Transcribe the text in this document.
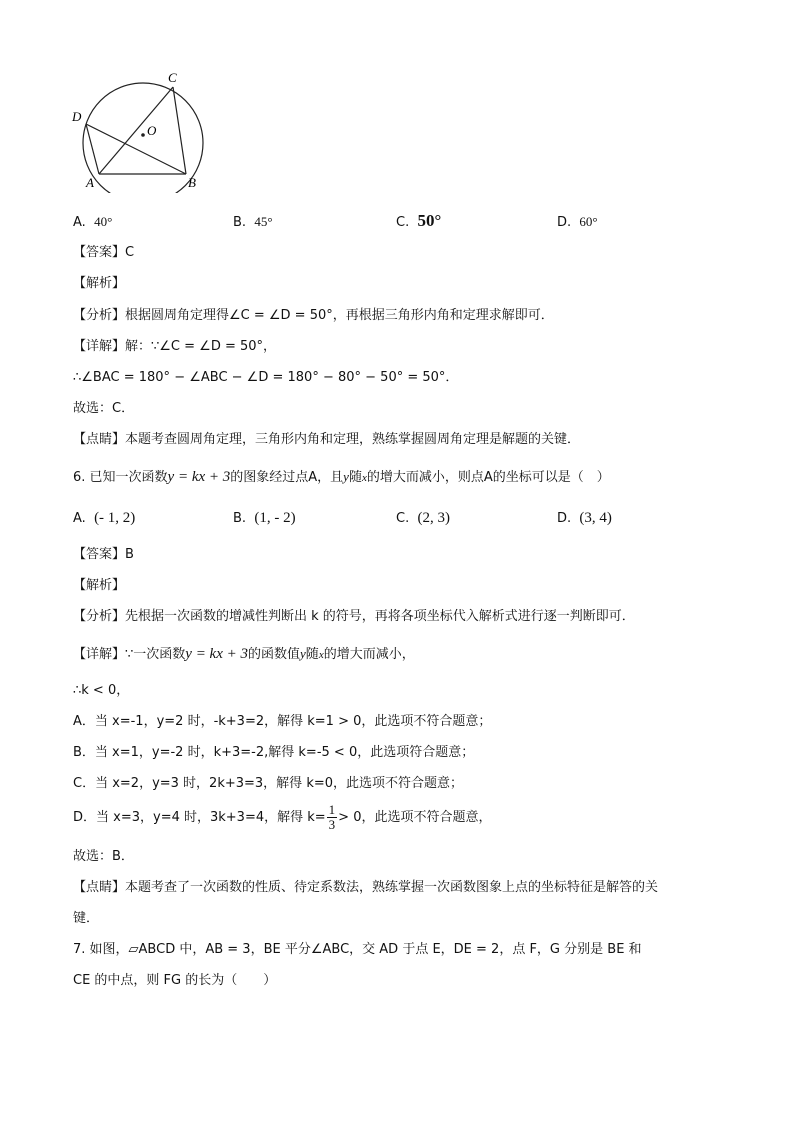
C
D
O
A	B
A. 40°	B. 45°	C. 50°	D. 60°
【答案】C
【解析】
【分析】根据圆周角定理得∠C = ∠D = 50°，再根据三角形内角和定理求解即可．
【详解】解：∵∠C = ∠D = 50°，
∴∠BAC = 180° − ∠ABC − ∠D = 180° − 80° − 50° = 50°．
故选：C．
【点睛】本题考查圆周角定理，三角形内角和定理，熟练掌握圆周角定理是解题的关键．
6. 已知一次函数y = kx + 3的图象经过点A，且y随x的增大而减小，则点A的坐标可以是（　）
A. (- 1, 2)	B. (1, - 2)	C. (2, 3)	D. (3, 4)
【答案】B
【解析】
【分析】先根据一次函数的增减性判断出 k 的符号，再将各项坐标代入解析式进行逐一判断即可．
【详解】∵一次函数y = kx + 3的函数值y随x的增大而减小，
∴k < 0，
A．当 x=-1，y=2 时，-k+3=2，解得 k=1 > 0，此选项不符合题意；
B．当 x=1，y=-2 时，k+3=-2,解得 k=-5 < 0，此选项符合题意；
C．当 x=2，y=3 时，2k+3=3，解得 k=0，此选项不符合题意；
D．当 x=3，y=4 时，3k+3=4，解得 $k= \frac{1}{3} > 0$，此选项不符合题意，
故选：B．
【点睛】本题考查了一次函数的性质、待定系数法，熟练掌握一次函数图象上点的坐标特征是解答的关
键．
7. 如图，▱ABCD 中，AB = 3，BE 平分∠ABC，交 AD 于点 E，DE = 2，点 F，G 分别是 BE 和
CE 的中点，则 FG 的长为（　　）
